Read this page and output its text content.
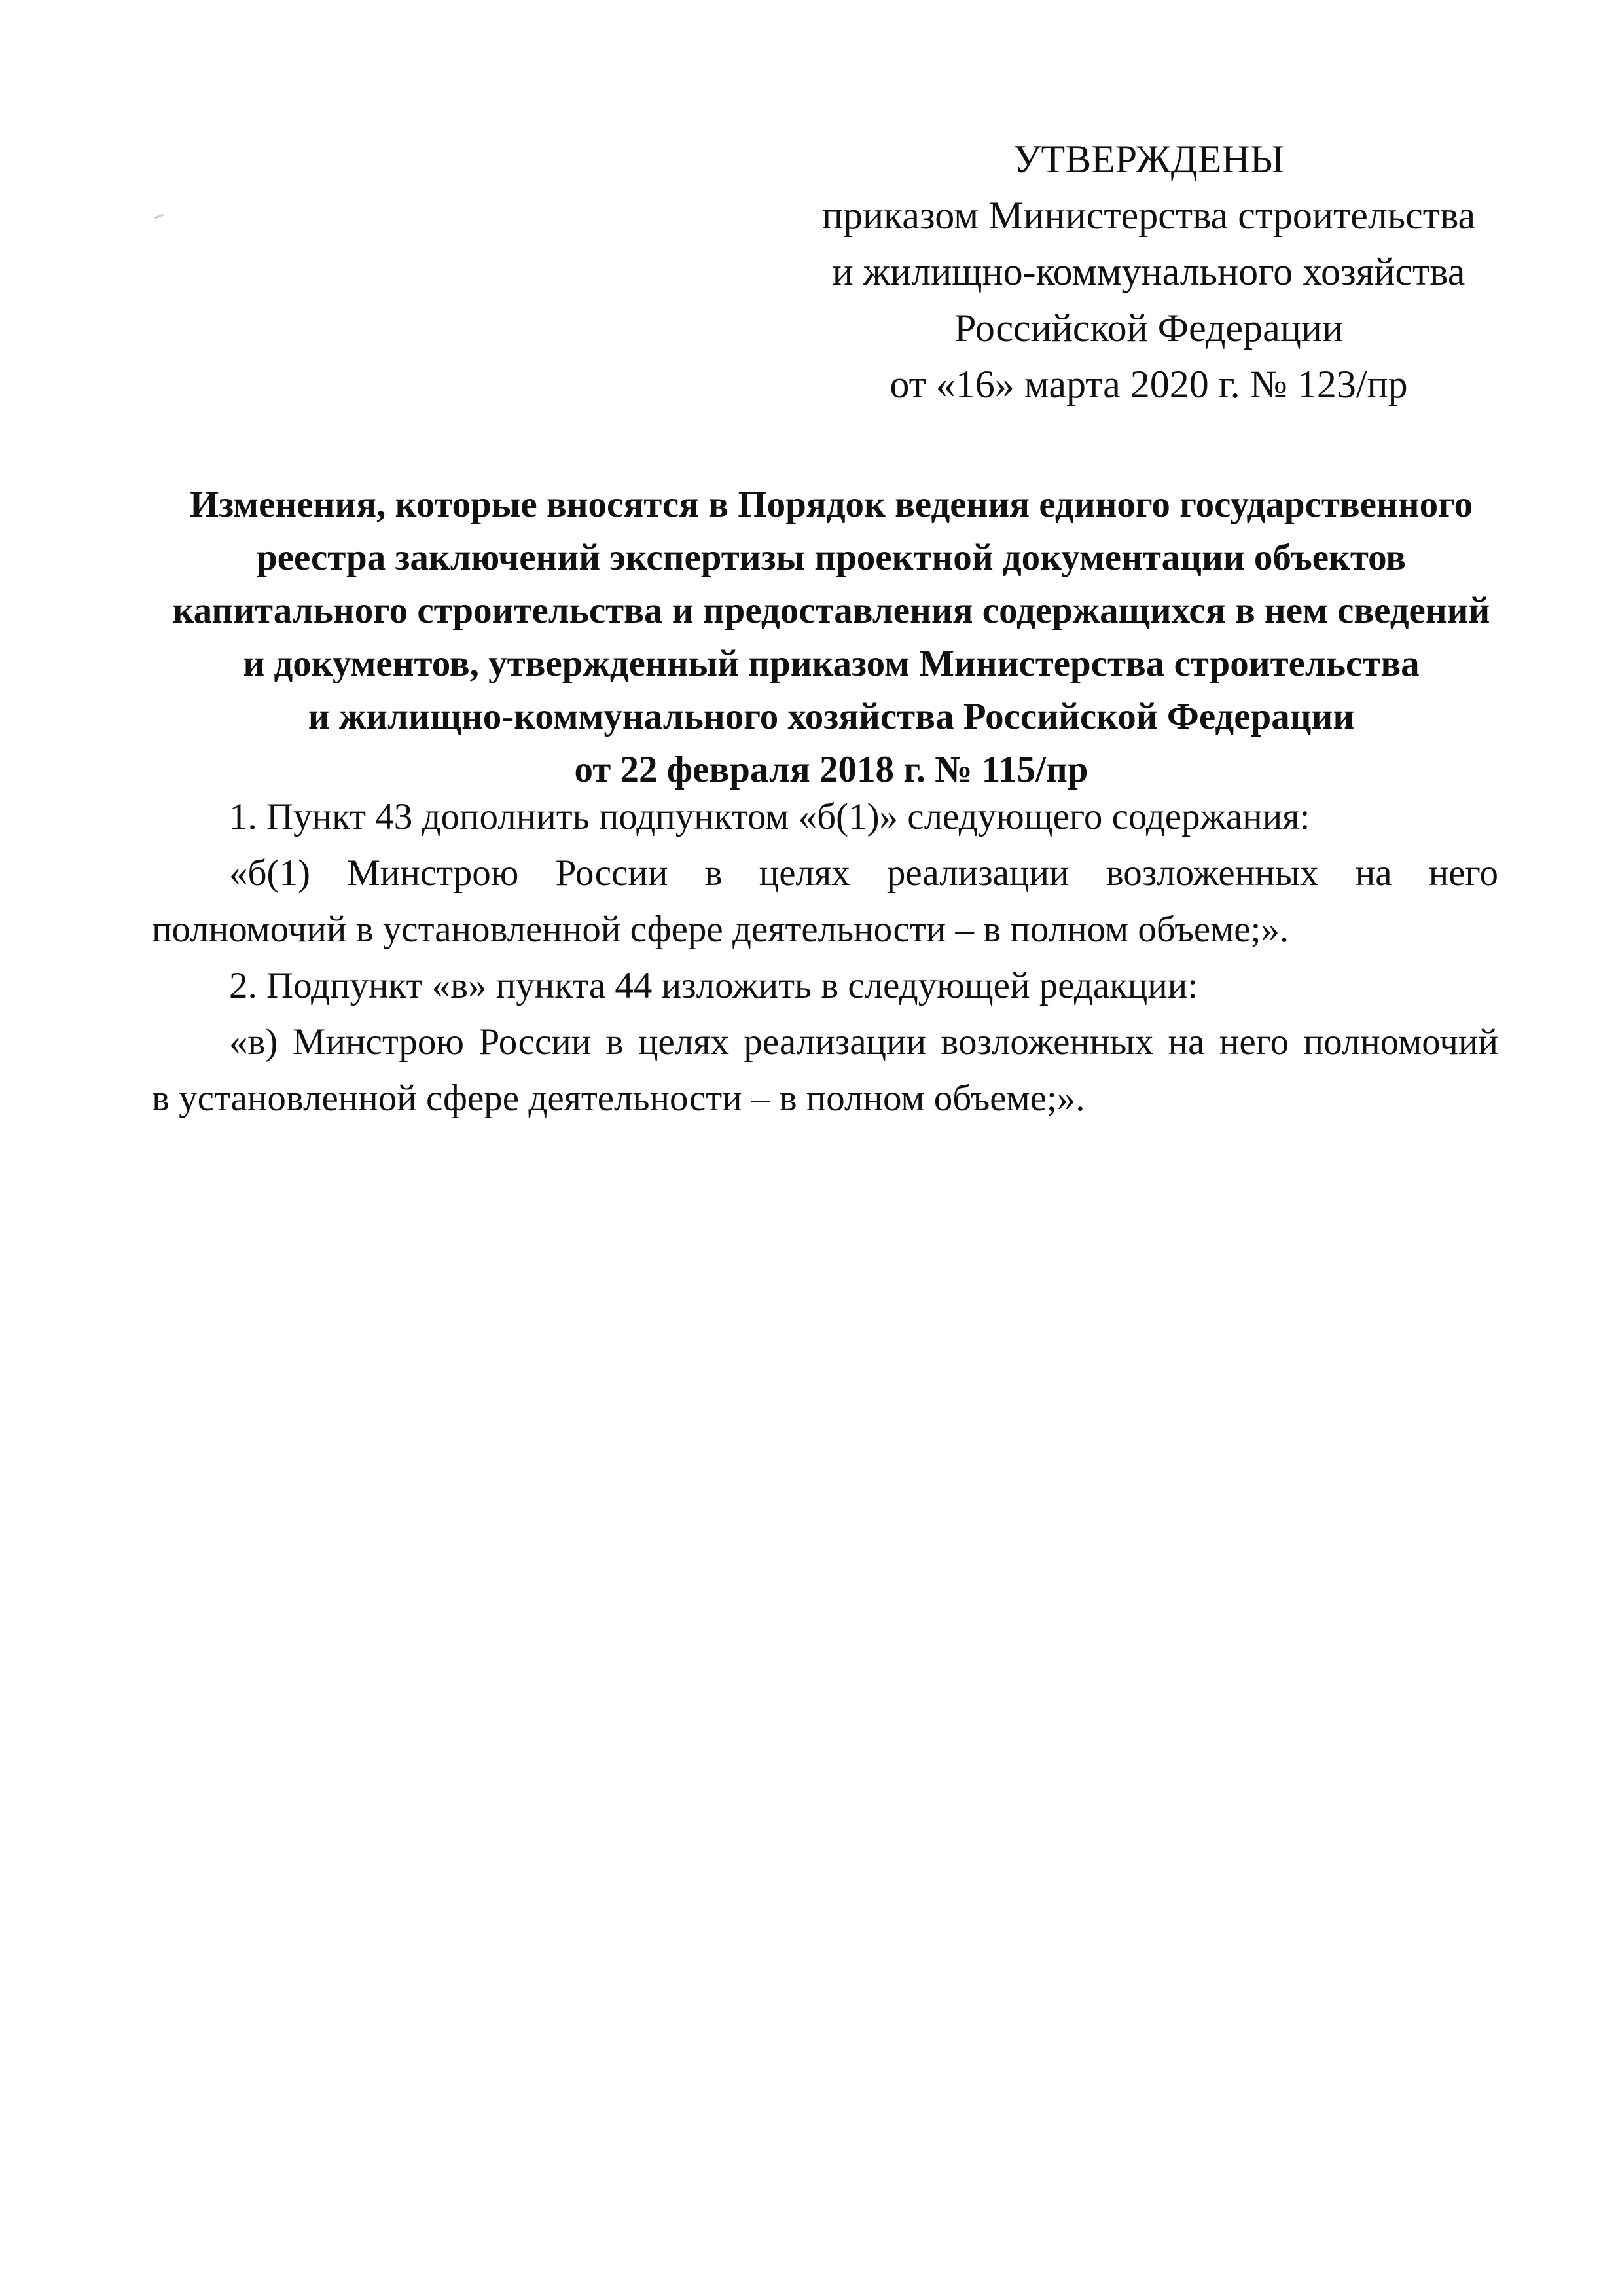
УТВЕРЖДЕНЫ
приказом Министерства строительства
и жилищно-коммунального хозяйства
Российской Федерации
от «16» марта 2020 г. № 123/пр
Изменения, которые вносятся в Порядок ведения единого государственного
реестра заключений экспертизы проектной документации объектов
капитального строительства и предоставления содержащихся в нем сведений
и документов, утвержденный приказом Министерства строительства
и жилищно-коммунального хозяйства Российской Федерации
от 22 февраля 2018 г. № 115/пр

1. Пункт 43 дополнить подпунктом «б(1)» следующего содержания:

«б(1) Минстрою России в целях реализации возложенных на него
полномочий в установленной сфере деятельности – в полном объеме;».

2. Подпункт «в» пункта 44 изложить в следующей редакции:

«в) Минстрою России в целях реализации возложенных на него полномочий
в установленной сфере деятельности – в полном объеме;».
